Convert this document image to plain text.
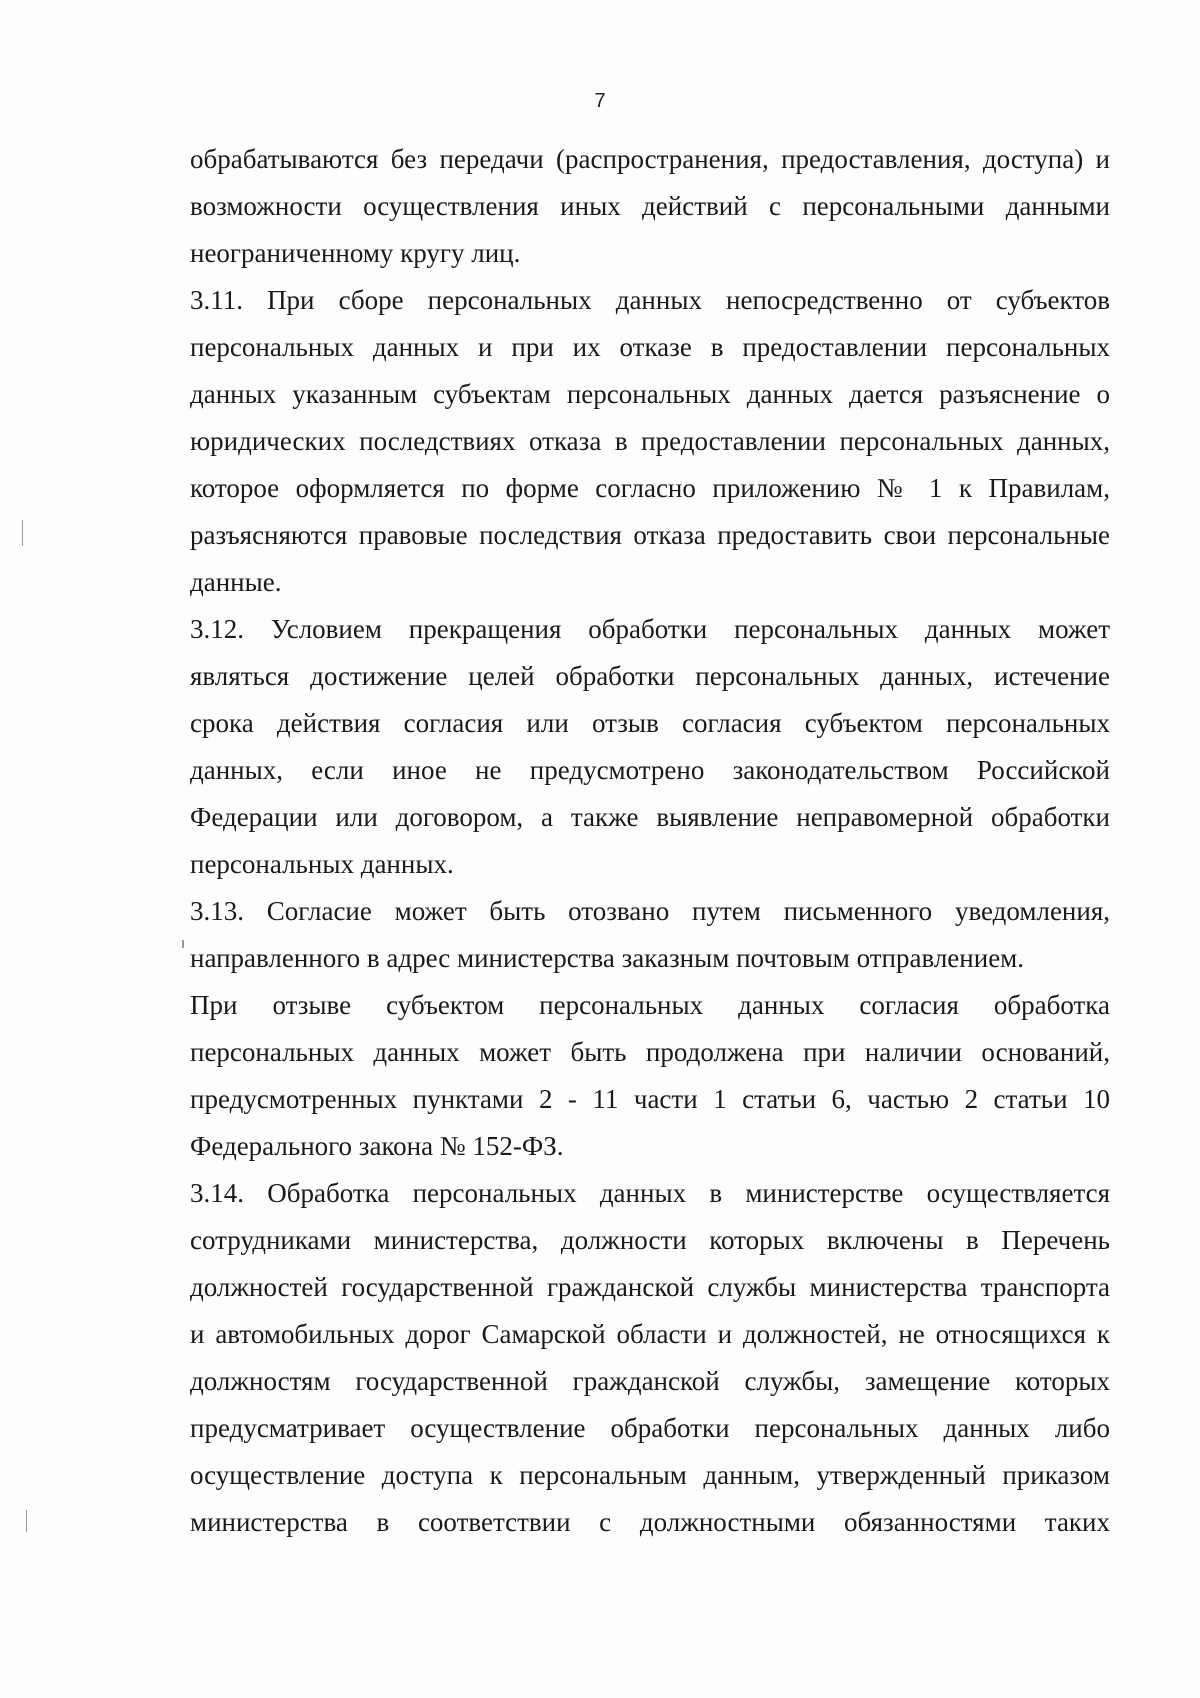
7
обрабатываются без передачи (распространения, предоставления, доступа) и
возможности осуществления иных действий с персональными данными
неограниченному кругу лиц.
3.11. При сборе персональных данных непосредственно от субъектов
персональных данных и при их отказе в предоставлении персональных
данных указанным субъектам персональных данных дается разъяснение о
юридических последствиях отказа в предоставлении персональных данных,
которое оформляется по форме согласно приложению № 1 к Правилам,
разъясняются правовые последствия отказа предоставить свои персональные
данные.
3.12. Условием прекращения обработки персональных данных может
являться достижение целей обработки персональных данных, истечение
срока действия согласия или отзыв согласия субъектом персональных
данных, если иное не предусмотрено законодательством Российской
Федерации или договором, а также выявление неправомерной обработки
персональных данных.
3.13. Согласие может быть отозвано путем письменного уведомления,
направленного в адрес министерства заказным почтовым отправлением.
При отзыве субъектом персональных данных согласия обработка
персональных данных может быть продолжена при наличии оснований,
предусмотренных пунктами 2 - 11 части 1 статьи 6, частью 2 статьи 10
Федерального закона № 152-ФЗ.
3.14. Обработка персональных данных в министерстве осуществляется
сотрудниками министерства, должности которых включены в Перечень
должностей государственной гражданской службы министерства транспорта
и автомобильных дорог Самарской области и должностей, не относящихся к
должностям государственной гражданской службы, замещение которых
предусматривает осуществление обработки персональных данных либо
осуществление доступа к персональным данным, утвержденный приказом
министерства в соответствии с должностными обязанностями таких
